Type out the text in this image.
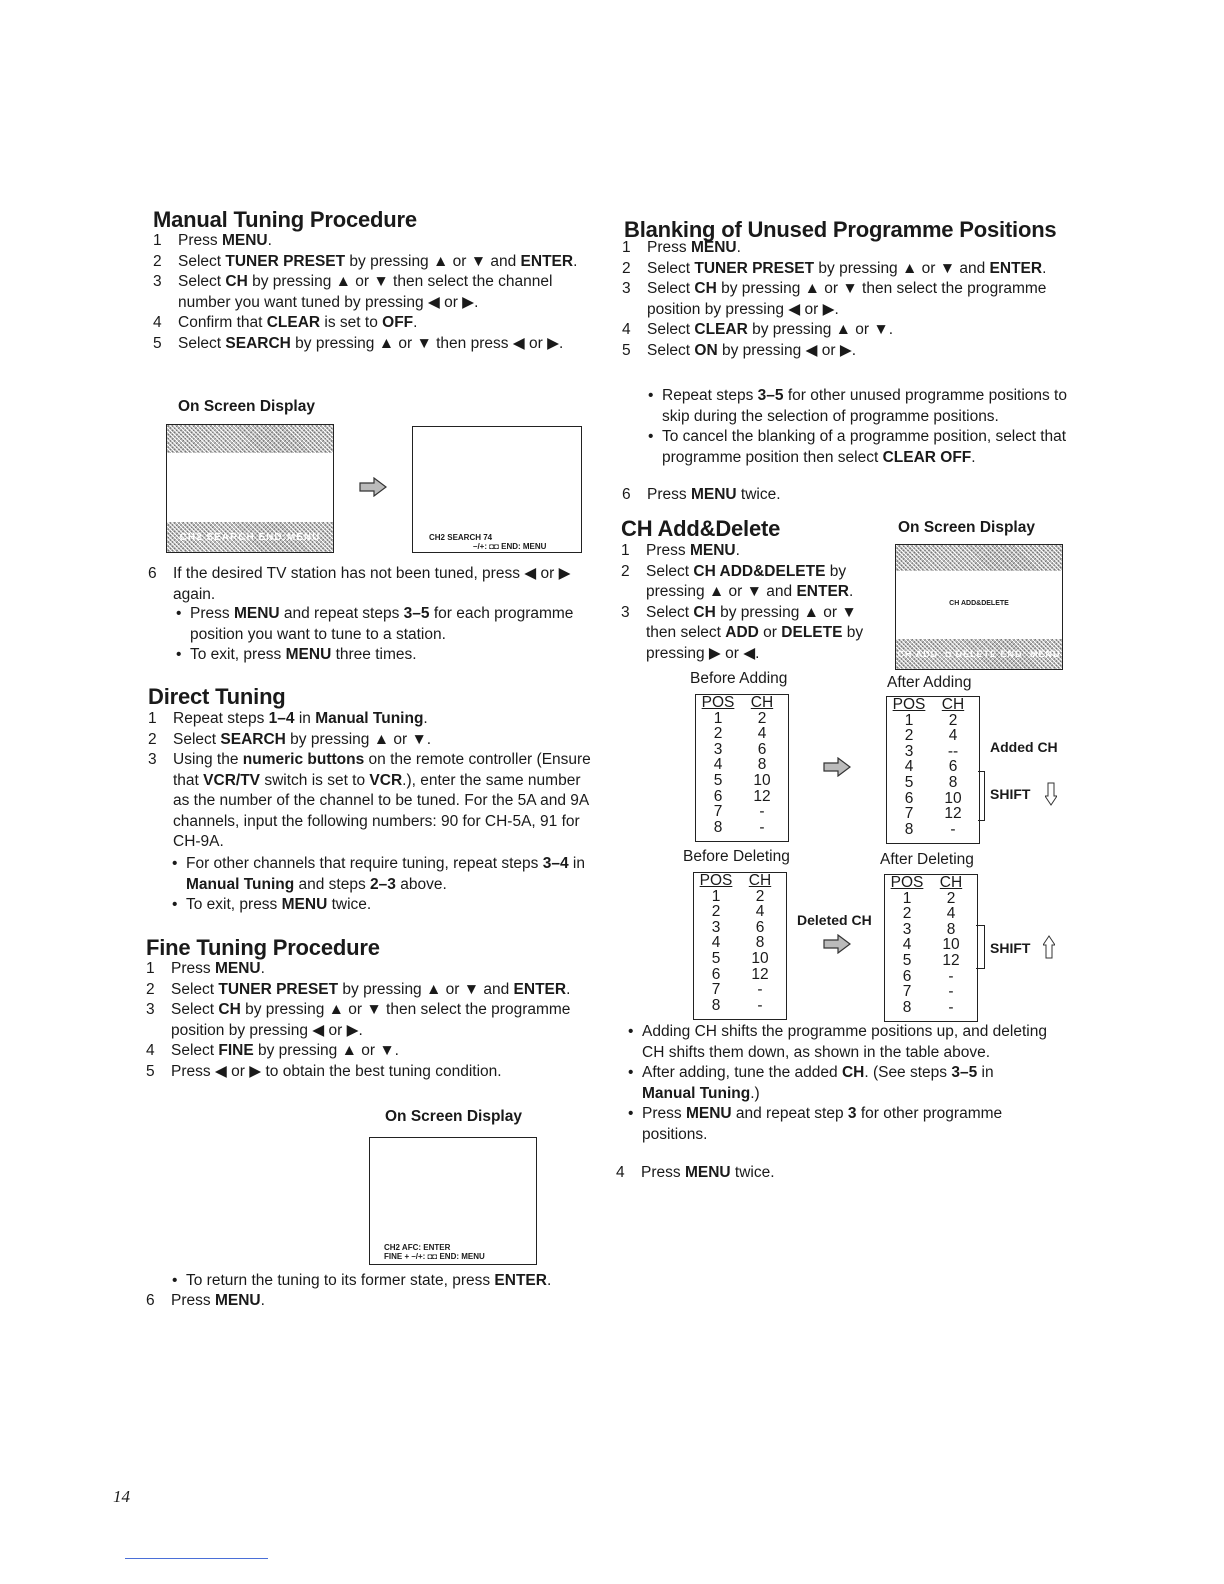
Manual Tuning Procedure
1	Press MENU.
2	Select TUNER PRESET by pressing ▲ or ▼ and ENTER.
3	Select CH by pressing ▲ or ▼ then select the channel number you want tuned by pressing ◀ or ▶.
4	Confirm that CLEAR is set to OFF.
5	Select SEARCH by pressing ▲ or ▼ then press ◀ or ▶.
On Screen Display
CH2 SEARCH END:MENU	CH2 SEARCH 74
–/+: ◘◘ END: MENU
6	If the desired TV station has not been tuned, press ◀ or ▶ again.
• Press MENU and repeat steps 3–5 for each programme position you want to tune to a station.
• To exit, press MENU three times.
Direct Tuning
1	Repeat steps 1–4 in Manual Tuning.
2	Select SEARCH by pressing ▲ or ▼.
3	Using the numeric buttons on the remote controller (Ensure that VCR/TV switch is set to VCR.), enter the same number as the number of the channel to be tuned. For the 5A and 9A channels, input the following numbers: 90 for CH-5A, 91 for CH-9A.
• For other channels that require tuning, repeat steps 3–4 in Manual Tuning and steps 2–3 above.
• To exit, press MENU twice.
Fine Tuning Procedure
1	Press MENU.
2	Select TUNER PRESET by pressing ▲ or ▼ and ENTER.
3	Select CH by pressing ▲ or ▼ then select the programme position by pressing ◀ or ▶.
4	Select FINE by pressing ▲ or ▼.
5	Press ◀ or ▶ to obtain the best tuning condition.
On Screen Display
CH2 AFC: ENTER
FINE + –/+: ◘◘ END: MENU
• To return the tuning to its former state, press ENTER.
6	Press MENU.
14
Blanking of Unused Programme Positions
1	Press MENU.
2	Select TUNER PRESET by pressing ▲ or ▼ and ENTER.
3	Select CH by pressing ▲ or ▼ then select the programme position by pressing ◀ or ▶.
4	Select CLEAR by pressing ▲ or ▼.
5	Select ON by pressing ◀ or ▶.
• Repeat steps 3–5 for other unused programme positions to skip during the selection of programme positions.
• To cancel the blanking of a programme position, select that programme position then select CLEAR OFF.
6	Press MENU twice.
CH Add&Delete	On Screen Display
CH ADD&DELETE
CH ADD: ◘ DELETE END: MENU
1	Press MENU.
2	Select CH ADD&DELETE by pressing ▲ or ▼ and ENTER.
3	Select CH by pressing ▲ or ▼ then select ADD or DELETE by pressing ▶ or ◀.
Before Adding	After Adding
POS	CH
1	2
2	4
3	6
4	8
5	10
6	12
7	-
8	-
POS	CH
1	2
2	4
3	--
4	6
5	8
6	10
7	12
8	-
Added CH
SHIFT
Before Deleting	After Deleting
POS	CH
1	2
2	4
3	6
4	8
5	10
6	12
7	-
8	-
Deleted CH
POS	CH
1	2
2	4
3	8
4	10
5	12
6	-
7	-
8	-
SHIFT
• Adding CH shifts the programme positions up, and deleting CH shifts them down, as shown in the table above.
• After adding, tune the added CH. (See steps 3–5 in Manual Tuning.)
• Press MENU and repeat step 3 for other programme positions.
4	Press MENU twice.
